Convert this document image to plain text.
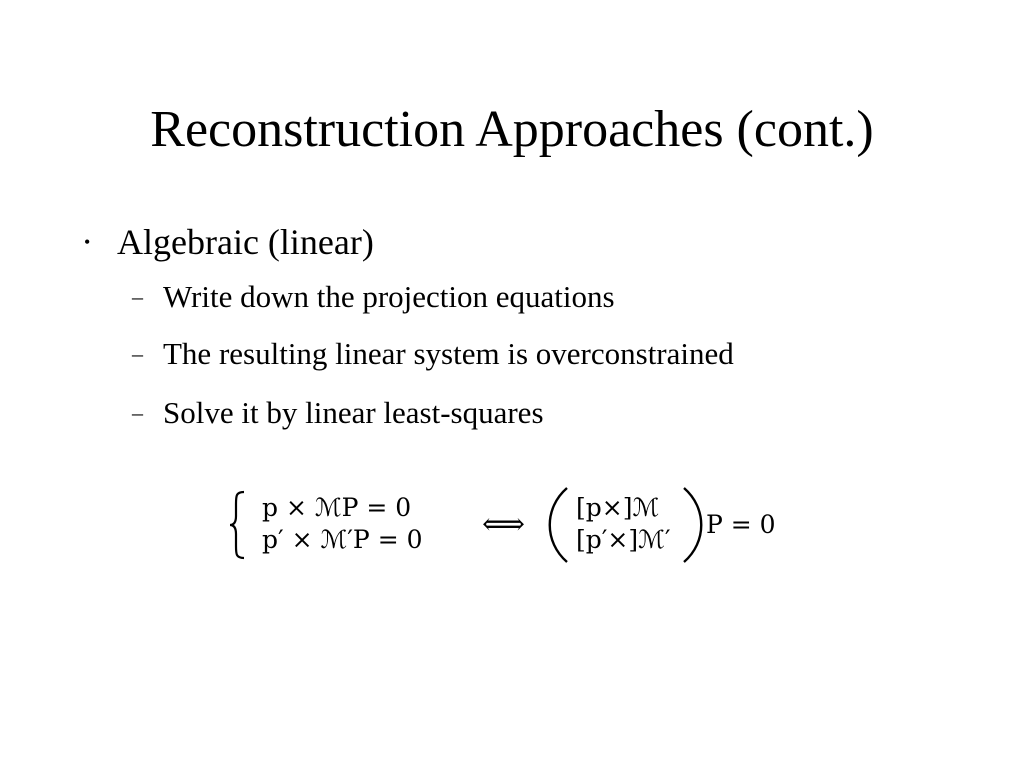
Reconstruction Approaches (cont.)
• Algebraic (linear)
– Write down the projection equations
– The resulting linear system is overconstrained
– Solve it by linear least-squares
p × ℳP = 0
p′ × ℳ′P = 0 ⟺ [p×]ℳ
[p′×]ℳ′
P = 0
